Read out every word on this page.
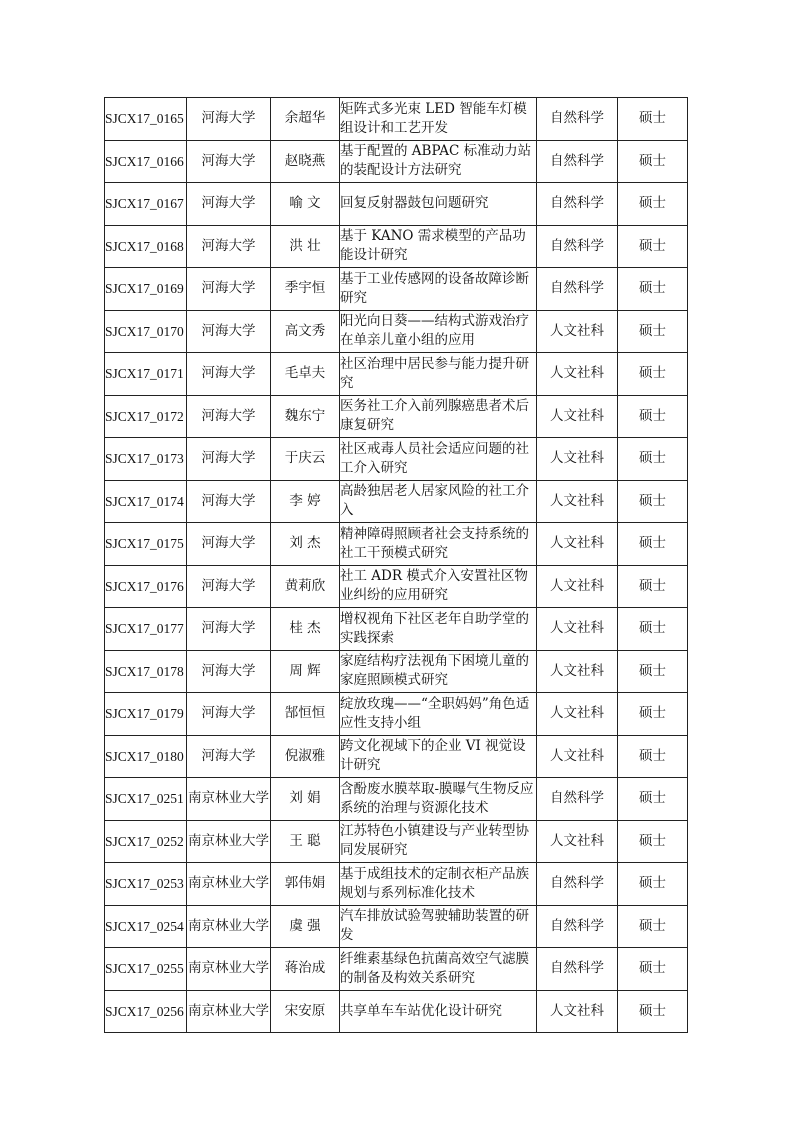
SJCX17_0165	河海大学	余超华	矩阵式多光束 LED 智能车灯模组设计和工艺开发	自然科学	硕士
SJCX17_0166	河海大学	赵晓燕	基于配置的 ABPAC 标准动力站的装配设计方法研究	自然科学	硕士
SJCX17_0167	河海大学	喻 文	回复反射器鼓包问题研究	自然科学	硕士
SJCX17_0168	河海大学	洪 壮	基于 KANO 需求模型的产品功能设计研究	自然科学	硕士
SJCX17_0169	河海大学	季宇恒	基于工业传感网的设备故障诊断研究	自然科学	硕士
SJCX17_0170	河海大学	高文秀	阳光向日葵——结构式游戏治疗在单亲儿童小组的应用	人文社科	硕士
SJCX17_0171	河海大学	毛卓夫	社区治理中居民参与能力提升研究	人文社科	硕士
SJCX17_0172	河海大学	魏东宁	医务社工介入前列腺癌患者术后康复研究	人文社科	硕士
SJCX17_0173	河海大学	于庆云	社区戒毒人员社会适应问题的社工介入研究	人文社科	硕士
SJCX17_0174	河海大学	李 婷	高龄独居老人居家风险的社工介入	人文社科	硕士
SJCX17_0175	河海大学	刘 杰	精神障碍照顾者社会支持系统的社工干预模式研究	人文社科	硕士
SJCX17_0176	河海大学	黄莉欣	社工 ADR 模式介入安置社区物业纠纷的应用研究	人文社科	硕士
SJCX17_0177	河海大学	桂 杰	增权视角下社区老年自助学堂的实践探索	人文社科	硕士
SJCX17_0178	河海大学	周 辉	家庭结构疗法视角下困境儿童的家庭照顾模式研究	人文社科	硕士
SJCX17_0179	河海大学	郜恒恒	绽放玫瑰——“全职妈妈”角色适应性支持小组	人文社科	硕士
SJCX17_0180	河海大学	倪淑雅	跨文化视域下的企业 VI 视觉设计研究	人文社科	硕士
SJCX17_0251	南京林业大学	刘 娟	含酚废水膜萃取-膜曝气生物反应系统的治理与资源化技术	自然科学	硕士
SJCX17_0252	南京林业大学	王 聪	江苏特色小镇建设与产业转型协同发展研究	人文社科	硕士
SJCX17_0253	南京林业大学	郭伟娟	基于成组技术的定制衣柜产品族规划与系列标准化技术	自然科学	硕士
SJCX17_0254	南京林业大学	虞 强	汽车排放试验驾驶辅助装置的研发	自然科学	硕士
SJCX17_0255	南京林业大学	蒋治成	纤维素基绿色抗菌高效空气滤膜的制备及构效关系研究	自然科学	硕士
SJCX17_0256	南京林业大学	宋安原	共享单车车站优化设计研究	人文社科	硕士
